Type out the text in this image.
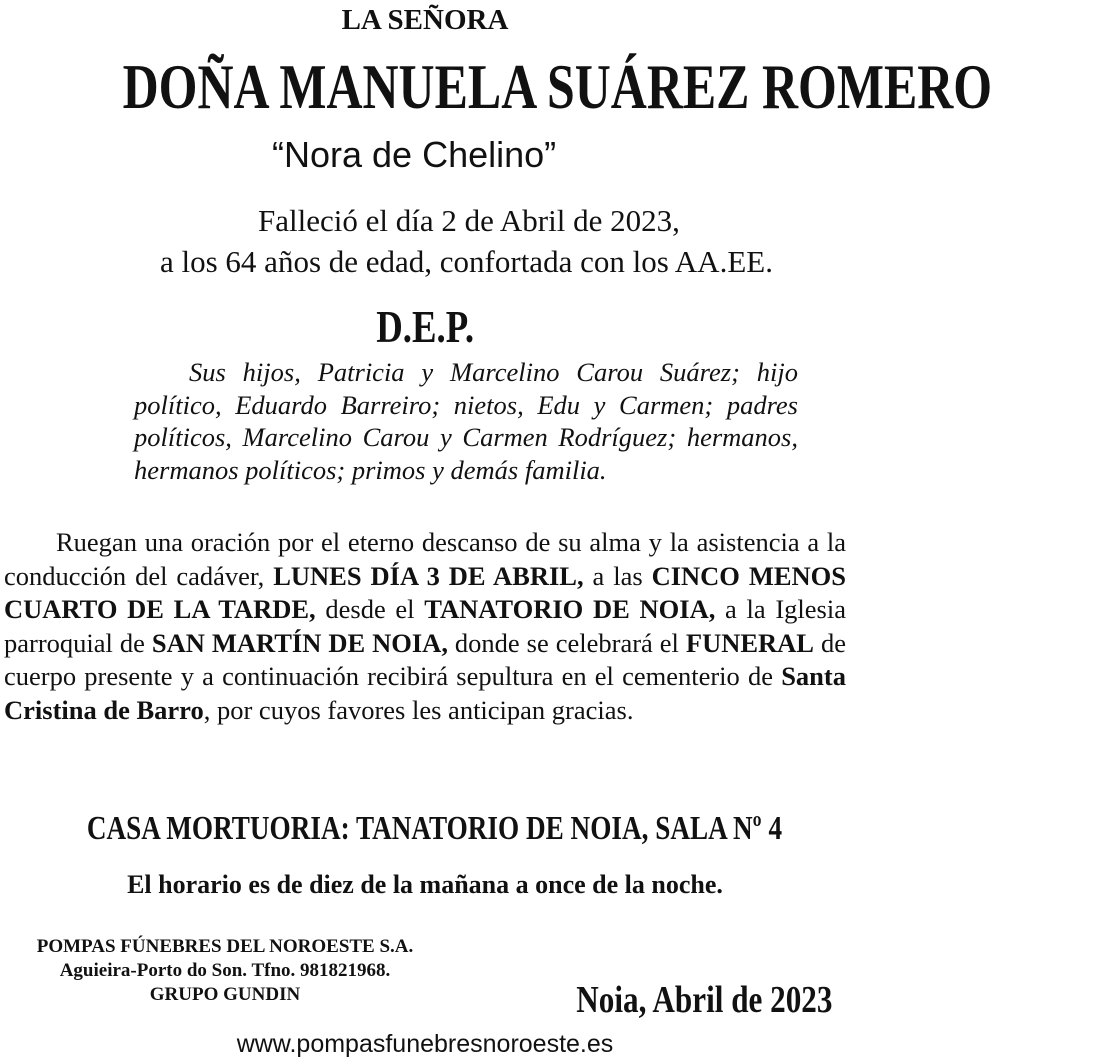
LA SEÑORA
DOÑA MANUELA SUÁREZ ROMERO
“Nora de Chelino”
Falleció el día 2 de Abril de 2023,
a los 64 años de edad, confortada con los AA.EE.
D.E.P.
Sus hijos, Patricia y Marcelino Carou Suárez; hijo político, Eduardo Barreiro; nietos, Edu y Carmen; padres políticos, Marcelino Carou y Carmen Rodríguez; hermanos, hermanos políticos; primos y demás familia.
Ruegan una oración por el eterno descanso de su alma y la asistencia a la conducción del cadáver, LUNES DÍA 3 DE ABRIL, a las CINCO MENOS CUARTO DE LA TARDE, desde el TANATORIO DE NOIA, a la Iglesia parroquial de SAN MARTÍN DE NOIA, donde se celebrará el FUNERAL de cuerpo presente y a continuación recibirá sepultura en el cementerio de Santa Cristina de Barro, por cuyos favores les anticipan gracias.
CASA MORTUORIA: TANATORIO DE NOIA, SALA Nº 4
El horario es de diez de la mañana a once de la noche.
POMPAS FÚNEBRES DEL NOROESTE S.A.
Aguieira-Porto do Son. Tfno. 981821968.
GRUPO GUNDIN	Noia, Abril de 2023
www.pompasfunebresnoroeste.es
